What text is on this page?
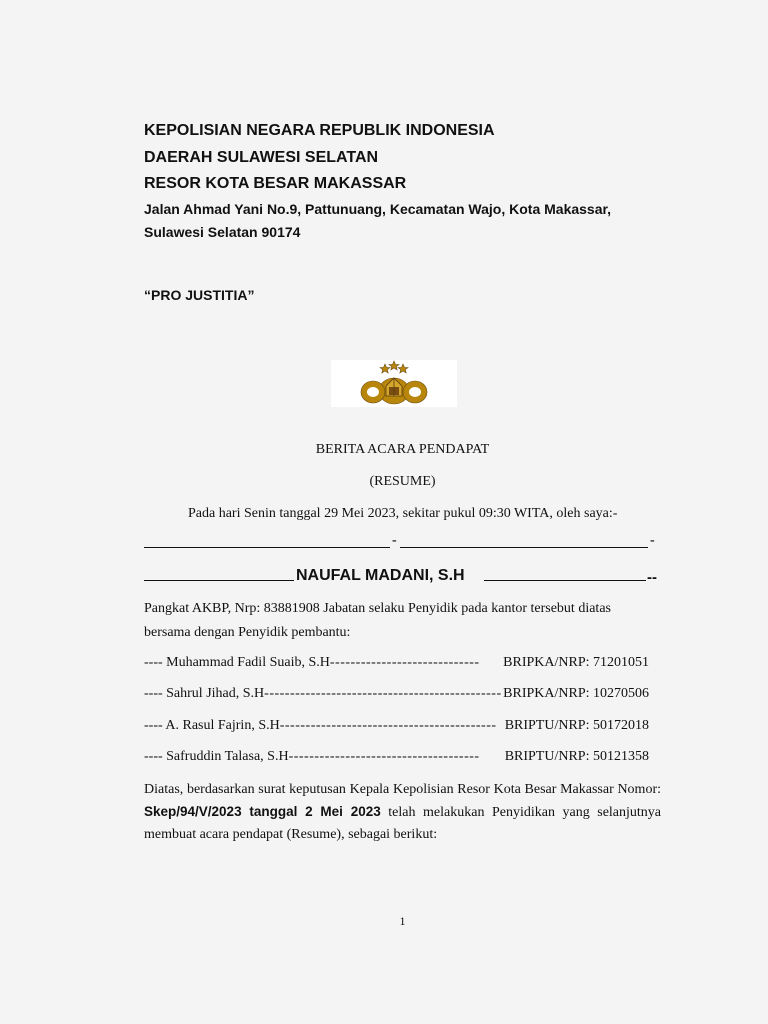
KEPOLISIAN NEGARA REPUBLIK INDONESIA
DAERAH SULAWESI SELATAN
RESOR KOTA BESAR MAKASSAR
Jalan Ahmad Yani No.9, Pattunuang, Kecamatan Wajo, Kota Makassar,
Sulawesi Selatan 90174
“PRO JUSTITIA”
BERITA ACARA PENDAPAT
(RESUME)
Pada hari Senin tanggal 29 Mei 2023, sekitar pukul 09:30 WITA, oleh saya:-
-	-
NAUFAL MADANI, S.H	--
Pangkat AKBP, Nrp: 83881908 Jabatan selaku Penyidik pada kantor tersebut diatas
bersama dengan Penyidik pembantu:
---- Muhammad Fadil Suaib, S.H----------------------------- BRIPKA/NRP: 71201051
---- Sahrul Jihad, S.H---------------------------------------------- BRIPKA/NRP: 10270506
---- A. Rasul Fajrin, S.H------------------------------------------ BRIPTU/NRP: 50172018
---- Safruddin Talasa, S.H------------------------------------- BRIPTU/NRP: 50121358
Diatas, berdasarkan surat keputusan Kepala Kepolisian Resor Kota Besar Makassar Nomor: Skep/94/V/2023 tanggal 2 Mei 2023 telah melakukan Penyidikan yang selanjutnya membuat acara pendapat (Resume), sebagai berikut:
1
